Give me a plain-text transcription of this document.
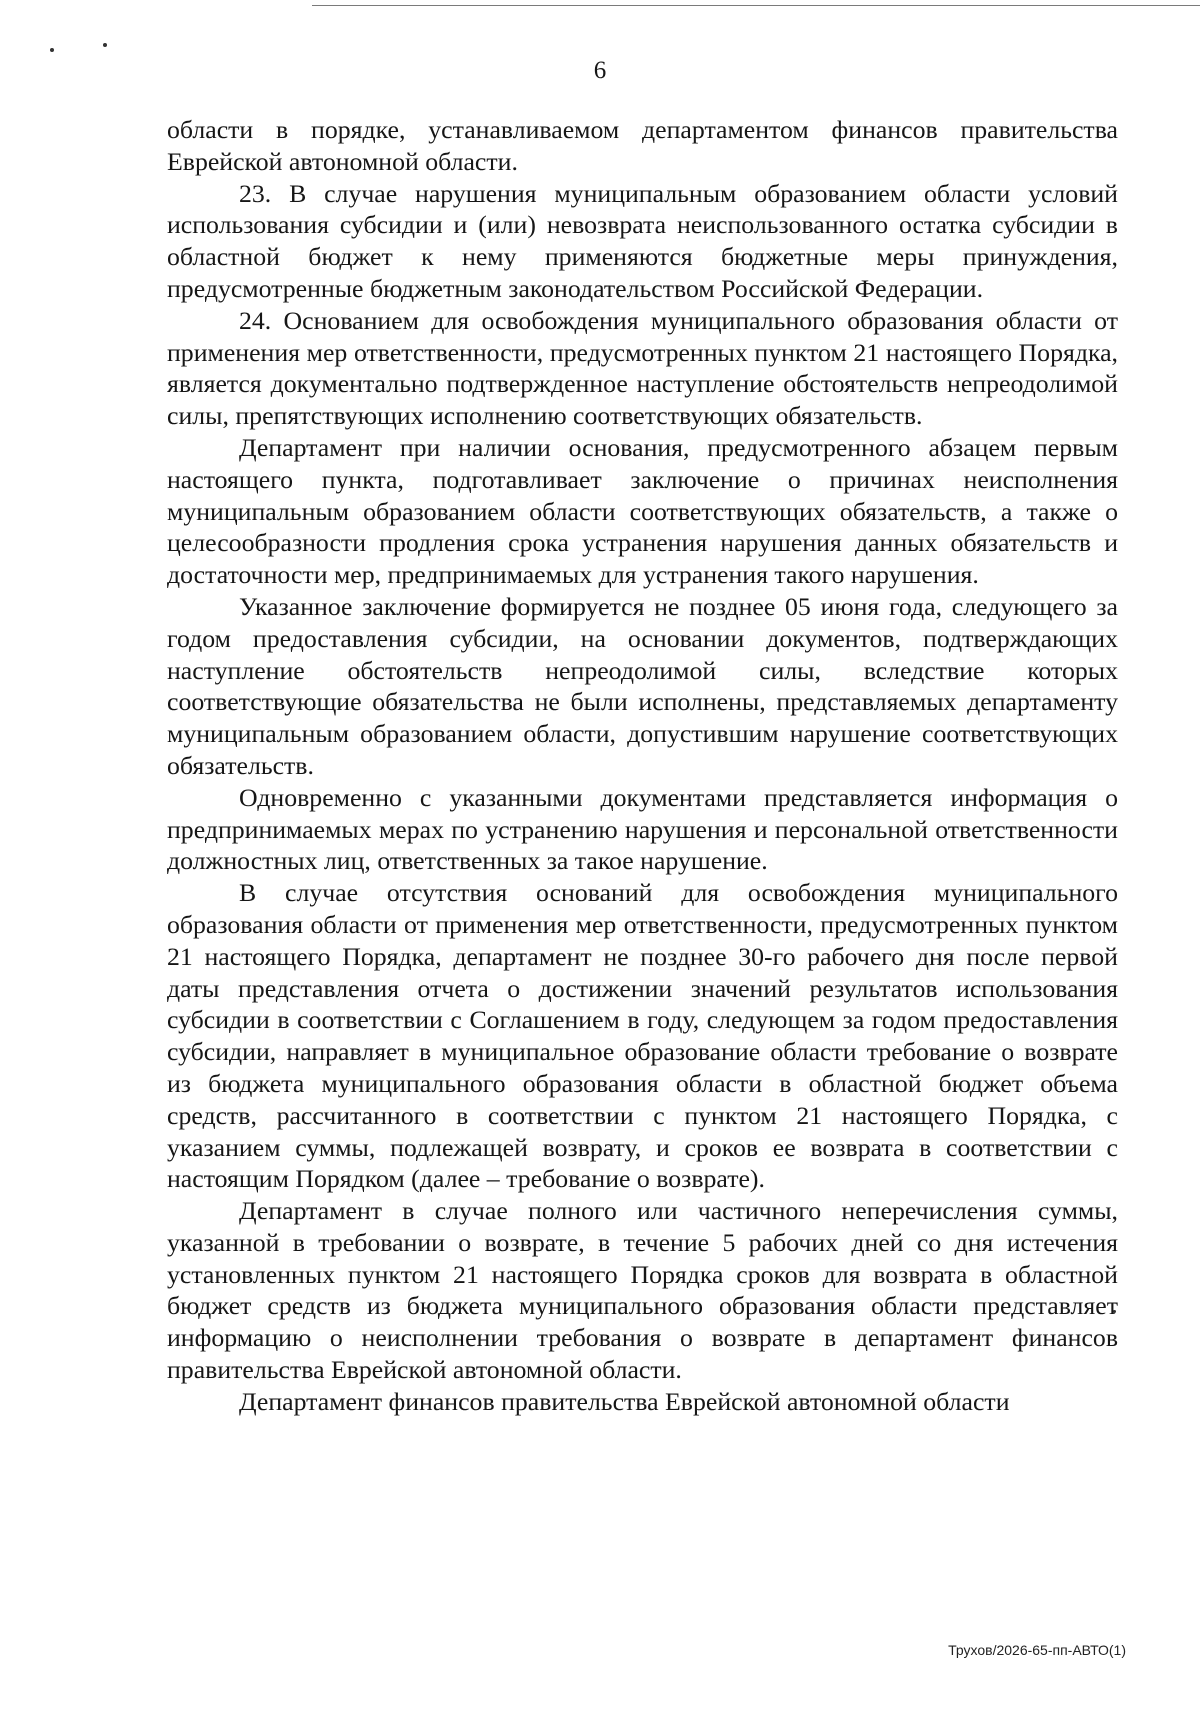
6

области в порядке, устанавливаемом департаментом финансов правительства Еврейской автономной области.

23. В случае нарушения муниципальным образованием области условий использования субсидии и (или) невозврата неиспользованного остатка субсидии в областной бюджет к нему применяются бюджетные меры принуждения, предусмотренные бюджетным законодательством Российской Федерации.

24. Основанием для освобождения муниципального образования области от применения мер ответственности, предусмотренных пунктом 21 настоящего Порядка, является документально подтвержденное наступление обстоятельств непреодолимой силы, препятствующих исполнению соответствующих обязательств.

Департамент при наличии основания, предусмотренного абзацем первым настоящего пункта, подготавливает заключение о причинах неисполнения муниципальным образованием области соответствующих обязательств, а также о целесообразности продления срока устранения нарушения данных обязательств и достаточности мер, предпринимаемых для устранения такого нарушения.

Указанное заключение формируется не позднее 05 июня года, следующего за годом предоставления субсидии, на основании документов, подтверждающих наступление обстоятельств непреодолимой силы, вследствие которых соответствующие обязательства не были исполнены, представляемых департаменту муниципальным образованием области, допустившим нарушение соответствующих обязательств.

Одновременно с указанными документами представляется информация о предпринимаемых мерах по устранению нарушения и персональной ответственности должностных лиц, ответственных за такое нарушение.

В случае отсутствия оснований для освобождения муниципального образования области от применения мер ответственности, предусмотренных пунктом 21 настоящего Порядка, департамент не позднее 30-го рабочего дня после первой даты представления отчета о достижении значений результатов использования субсидии в соответствии с Соглашением в году, следующем за годом предоставления субсидии, направляет в муниципальное образование области требование о возврате из бюджета муниципального образования области в областной бюджет объема средств, рассчитанного в соответствии с пунктом 21 настоящего Порядка, с указанием суммы, подлежащей возврату, и сроков ее возврата в соответствии с настоящим Порядком (далее – требование о возврате).

Департамент в случае полного или частичного неперечисления суммы, указанной в требовании о возврате, в течение 5 рабочих дней со дня истечения установленных пунктом 21 настоящего Порядка сроков для возврата в областной бюджет средств из бюджета муниципального образования области представляет информацию о неисполнении требования о возврате в департамент финансов правительства Еврейской автономной области.

Департамент финансов правительства Еврейской автономной области

Трухов/2026-65-пп-АВТО(1)
